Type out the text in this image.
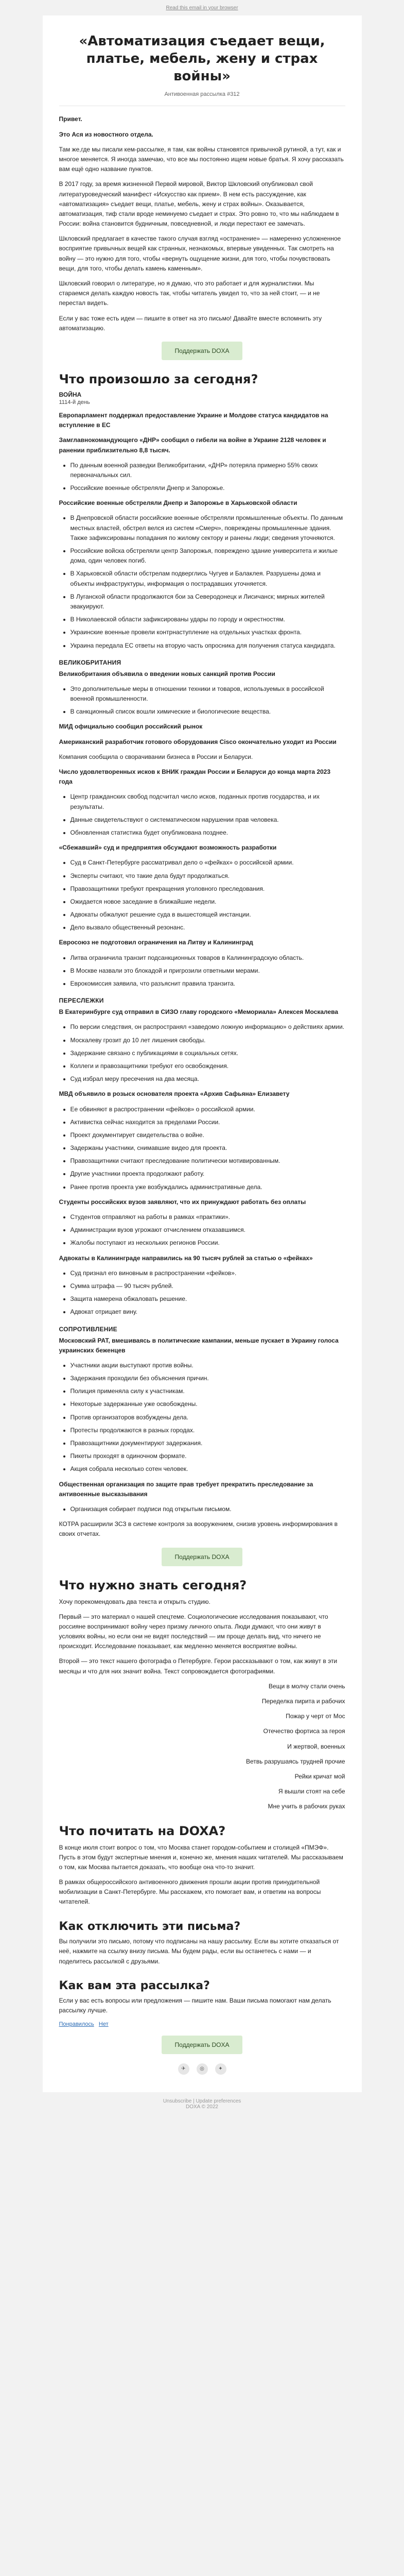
Read this email in your browser
«Автоматизация съедает вещи, платье, мебель, жену и страх войны»
Антивоенная рассылка #312

Привет.

Это Ася из новостного отдела.

Там же,где мы писали кем-рассылке, я там, как войны становятся привычной рутиной, а тут, как и многое меняется. Я иногда замечаю, что все мы постоянно ищем новые братья. Я хочу рассказать вам ещё одно название пунктов.

В 2017 году, за время жизненной Первой мировой, Виктор Шкловский опубликовал свой литературоведческий манифест «Искусство как прием». В нем есть рассуждение, как «автоматизация» съедает вещи, платье, мебель, жену и страх войны». Оказывается, автоматизация, тиф стали вроде неминуемо съедает и страх. Это ровно то, что мы наблюдаем в России: война становится будничным, повседневной, и люди перестают ее замечать.

Шкловский предлагает в качестве такого случая взгляд «остранение» — намеренно усложненное восприятие привычных вещей как странных, незнакомых, впервые увиденных. Так смотреть на войну — это нужно для того, чтобы «вернуть ощущение жизни, для того, чтобы почувствовать вещи, для того, чтобы делать камень каменным».

Шкловский говорил о литературе, но я думаю, что это работает и для журналистики. Мы стараемся делать каждую новость так, чтобы читатель увидел то, что за ней стоит, — и не перестал видеть.

Если у вас тоже есть идеи — пишите в ответ на это письмо! Давайте вместе вспомнить эту автоматизацию.

Поддержать DOXA
Что произошло за сегодня?
ВОЙНА
1114-й день

Европарламент поддержал предоставление Украине и Молдове статуса кандидатов на вступление в ЕС

Замглавнокомандующего «ДНР» сообщил о гибели на войне в Украине 2128 человек и ранении приблизительно 8,8 тысяч.

• По данным военной разведки Великобритании, «ДНР» потеряла примерно 55% своих первоначальных сил.
• Российские военные обстреляли Днепр и Запорожье.

Российские военные обстреляли Днепр и Запорожье в Харьковской области

• В Днепровской области российские военные обстреляли промышленные объекты. По данным местных властей, обстрел велся из систем «Смерч», повреждены промышленные здания. Также зафиксированы попадания по жилому сектору и ранены люди; сведения уточняются.
• Российские войска обстреляли центр Запорожья, повреждено здание университета и жилые дома, один человек погиб.
• В Харьковской области обстрелам подверглись Чугуев и Балаклея. Разрушены дома и объекты инфраструктуры, информация о пострадавших уточняется.
• В Луганской области продолжаются бои за Северодонецк и Лисичанск; мирных жителей эвакуируют.
• В Николаевской области зафиксированы удары по городу и окрестностям.
• Украинские военные провели контрнаступление на отдельных участках фронта.
• Украина передала ЕС ответы на вторую часть опросника для получения статуса кандидата.
ВЕЛИКОБРИТАНИЯ

Великобритания объявила о введении новых санкций против России

• Это дополнительные меры в отношении техники и товаров, используемых в российской военной промышленности.
• В санкционный список вошли химические и биологические вещества.

МИД официально сообщил российский рынок

Американский разработчик готового оборудования Cisco окончательно уходит из России

Компания сообщила о сворачивании бизнеса в России и Беларуси.

Число удовлетворенных исков к ВНИК граждан России и Беларуси до конца марта 2023 года

• Центр гражданских свобод подсчитал число исков, поданных против государства, и их результаты.
• Данные свидетельствуют о систематическом нарушении прав человека.
• Обновленная статистика будет опубликована позднее.

«Сбежавший» суд и предприятия обсуждают возможность разработки

• Суд в Санкт-Петербурге рассматривал дело о «фейках» о российской армии.
• Эксперты считают, что такие дела будут продолжаться.
• Правозащитники требуют прекращения уголовного преследования.
• Ожидается новое заседание в ближайшие недели.
• Адвокаты обжалуют решение суда в вышестоящей инстанции.
• Дело вызвало общественный резонанс.

Евросоюз не подготовил ограничения на Литву и Калининград

• Литва ограничила транзит подсанкционных товаров в Калининградскую область.
• В Москве назвали это блокадой и пригрозили ответными мерами.
• Еврокомиссия заявила, что разъяснит правила транзита.
ПЕРЕСЛЕЖКИ

В Екатеринбурге суд отправил в СИЗО главу городского «Мемориала» Алексея Москалева

• По версии следствия, он распространял «заведомо ложную информацию» о действиях армии.
• Москалеву грозит до 10 лет лишения свободы.
• Задержание связано с публикациями в социальных сетях.
• Коллеги и правозащитники требуют его освобождения.
• Суд избрал меру пресечения на два месяца.

МВД объявило в розыск основателя проекта «Архив Сафьяна» Елизавету

• Ее обвиняют в распространении «фейков» о российской армии.
• Активистка сейчас находится за пределами России.
• Проект документирует свидетельства о войне.
• Задержаны участники, снимавшие видео для проекта.
• Правозащитники считают преследование политически мотивированным.
• Другие участники проекта продолжают работу.
• Ранее против проекта уже возбуждались административные дела.

Студенты российских вузов заявляют, что их принуждают работать без оплаты

• Студентов отправляют на работы в рамках «практики».
• Администрации вузов угрожают отчислением отказавшимся.
• Жалобы поступают из нескольких регионов России.

Адвокаты в Калининграде направились на 90 тысяч рублей за статью о «фейках»

• Суд признал его виновным в распространении «фейков».
• Сумма штрафа — 90 тысяч рублей.
• Защита намерена обжаловать решение.
• Адвокат отрицает вину.
СОПРОТИВЛЕНИЕ

Московский РАТ, вмешиваясь в политические кампании, меньше пускает в Украину голоса украинских беженцев

• Участники акции выступают против войны.
• Задержания проходили без объяснения причин.
• Полиция применяла силу к участникам.
• Некоторые задержанные уже освобождены.
• Против организаторов возбуждены дела.
• Протесты продолжаются в разных городах.
• Правозащитники документируют задержания.
• Пикеты проходят в одиночном формате.
• Акция собрала несколько сотен человек.

Общественная организация по защите прав требует прекратить преследование за антивоенные высказывания

• Организация собирает подписи под открытым письмом.

КОТРА расширили ЗСЗ в системе контроля за вооружением, снизив уровень информирования в своих отчетах.

Поддержать DOXA
Что нужно знать сегодня?

Хочу порекомендовать два текста и открыть студию.

Первый — это материал о нашей спецтеме. Социологические исследования показывают, что россияне воспринимают войну через призму личного опыта. Люди думают, что они живут в условиях войны, но если они не видят последствий — им проще делать вид, что ничего не происходит. Исследование показывает, как медленно меняется восприятие войны.

Второй — это текст нашего фотографа о Петербурге. Герои рассказывают о том, как живут в эти месяцы и что для них значит война. Текст сопровождается фотографиями.

Вещи в молчу стали очень
Переделка пирита и рабочих
Пожар у черт от Мос
Отечество фортиса за героя
И жертвой, военных
Ветвь разрушаясь трудней прочие
Рейки кричат мой
Я вышли стоят на себе
Мне учить в рабочих руках
Что почитать на DOXA?

В конце июля стоит вопрос о том, что Москва станет городом-событием и столицей «ПМЭФ». Пусть в этом будут экспертные мнения и, конечно же, мнения наших читателей. Мы рассказываем о том, как Москва пытается доказать, что вообще она что-то значит.

В рамках общероссийского антивоенного движения прошли акции против принудительной мобилизации в Санкт-Петербурге. Мы расскажем, кто помогает вам, и ответим на вопросы читателей.

Как отключить эти письма?

Вы получили это письмо, потому что подписаны на нашу рассылку. Если вы хотите отказаться от неё, нажмите на ссылку внизу письма. Мы будем рады, если вы останетесь с нами — и поделитесь рассылкой с друзьями.

Как вам эта рассылка?

Если у вас есть вопросы или предложения — пишите нам. Ваши письма помогают нам делать рассылку лучше.

Понравилось Нет
Поддержать DOXA
✈	◎	✦
Unsubscribe | Update preferences
DOXA © 2022
